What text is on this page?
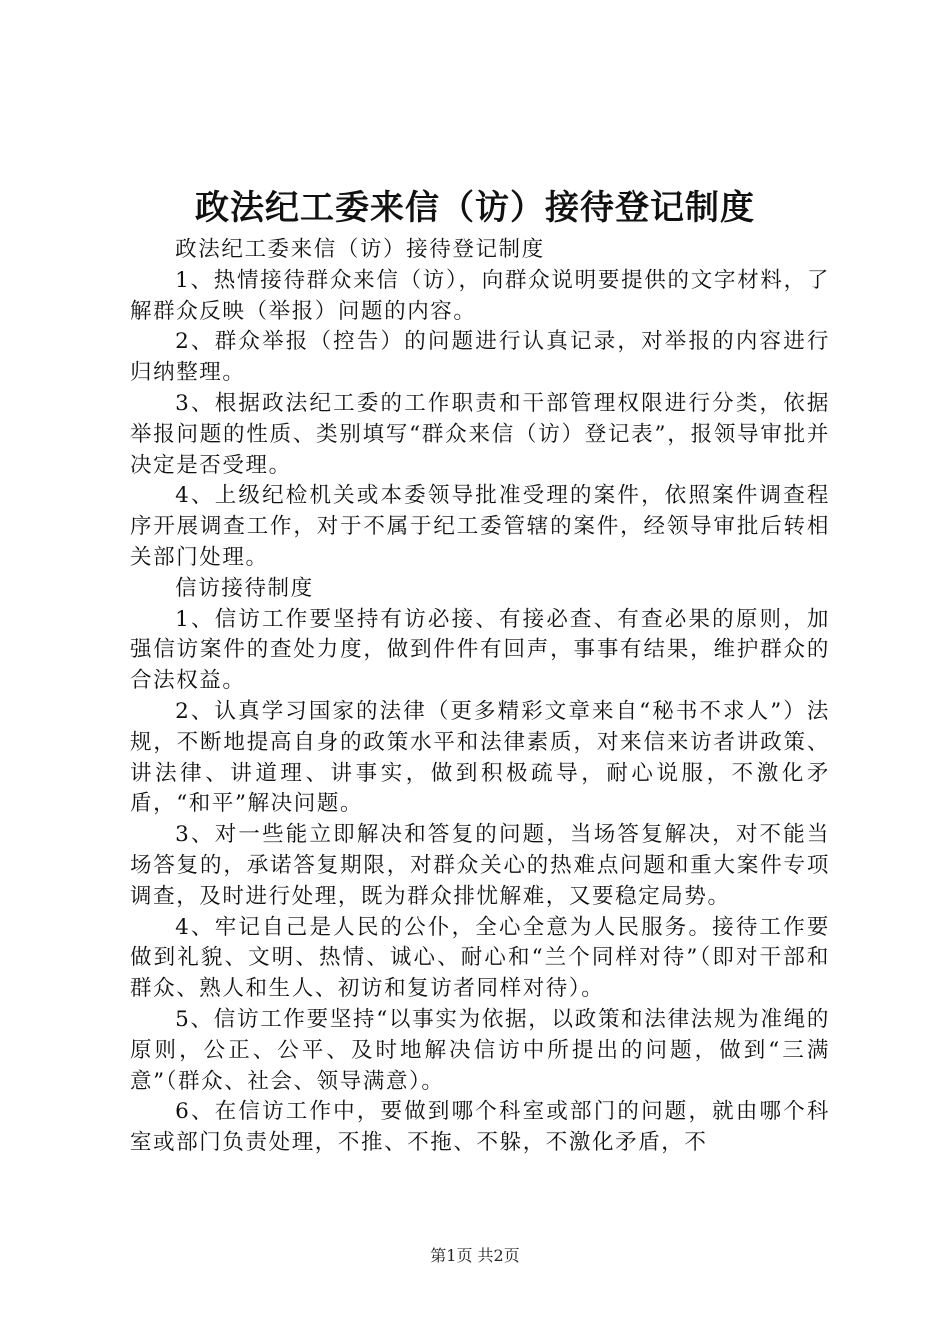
政法纪工委来信（访）接待登记制度

政法纪工委来信（访）接待登记制度

1、热情接待群众来信（访），向群众说明要提供的文字材料，了解群众反映（举报）问题的内容。

2、群众举报（控告）的问题进行认真记录，对举报的内容进行归纳整理。

3、根据政法纪工委的工作职责和干部管理权限进行分类，依据举报问题的性质、类别填写“群众来信（访）登记表”，报领导审批并决定是否受理。

4、上级纪检机关或本委领导批准受理的案件，依照案件调查程序开展调查工作，对于不属于纪工委管辖的案件，经领导审批后转相关部门处理。

信访接待制度

1、信访工作要坚持有访必接、有接必查、有查必果的原则，加强信访案件的查处力度，做到件件有回声，事事有结果，维护群众的合法权益。

2、认真学习国家的法律（更多精彩文章来自“秘书不求人”）法规，不断地提高自身的政策水平和法律素质，对来信来访者讲政策、讲法律、讲道理、讲事实，做到积极疏导，耐心说服，不激化矛盾，“和平”解决问题。

3、对一些能立即解决和答复的问题，当场答复解决，对不能当场答复的，承诺答复期限，对群众关心的热难点问题和重大案件专项调查，及时进行处理，既为群众排忧解难，又要稳定局势。

4、牢记自己是人民的公仆，全心全意为人民服务。接待工作要做到礼貌、文明、热情、诚心、耐心和“兰个同样对待”（即对干部和群众、熟人和生人、初访和复访者同样对待）。

5、信访工作要坚持“以事实为依据，以政策和法律法规为准绳的原则，公正、公平、及时地解决信访中所提出的问题，做到“三满意”（群众、社会、领导满意）。

6、在信访工作中，要做到哪个科室或部门的问题，就由哪个科室或部门负责处理，不推、不拖、不躲，不激化矛盾，不

第1页 共2页
